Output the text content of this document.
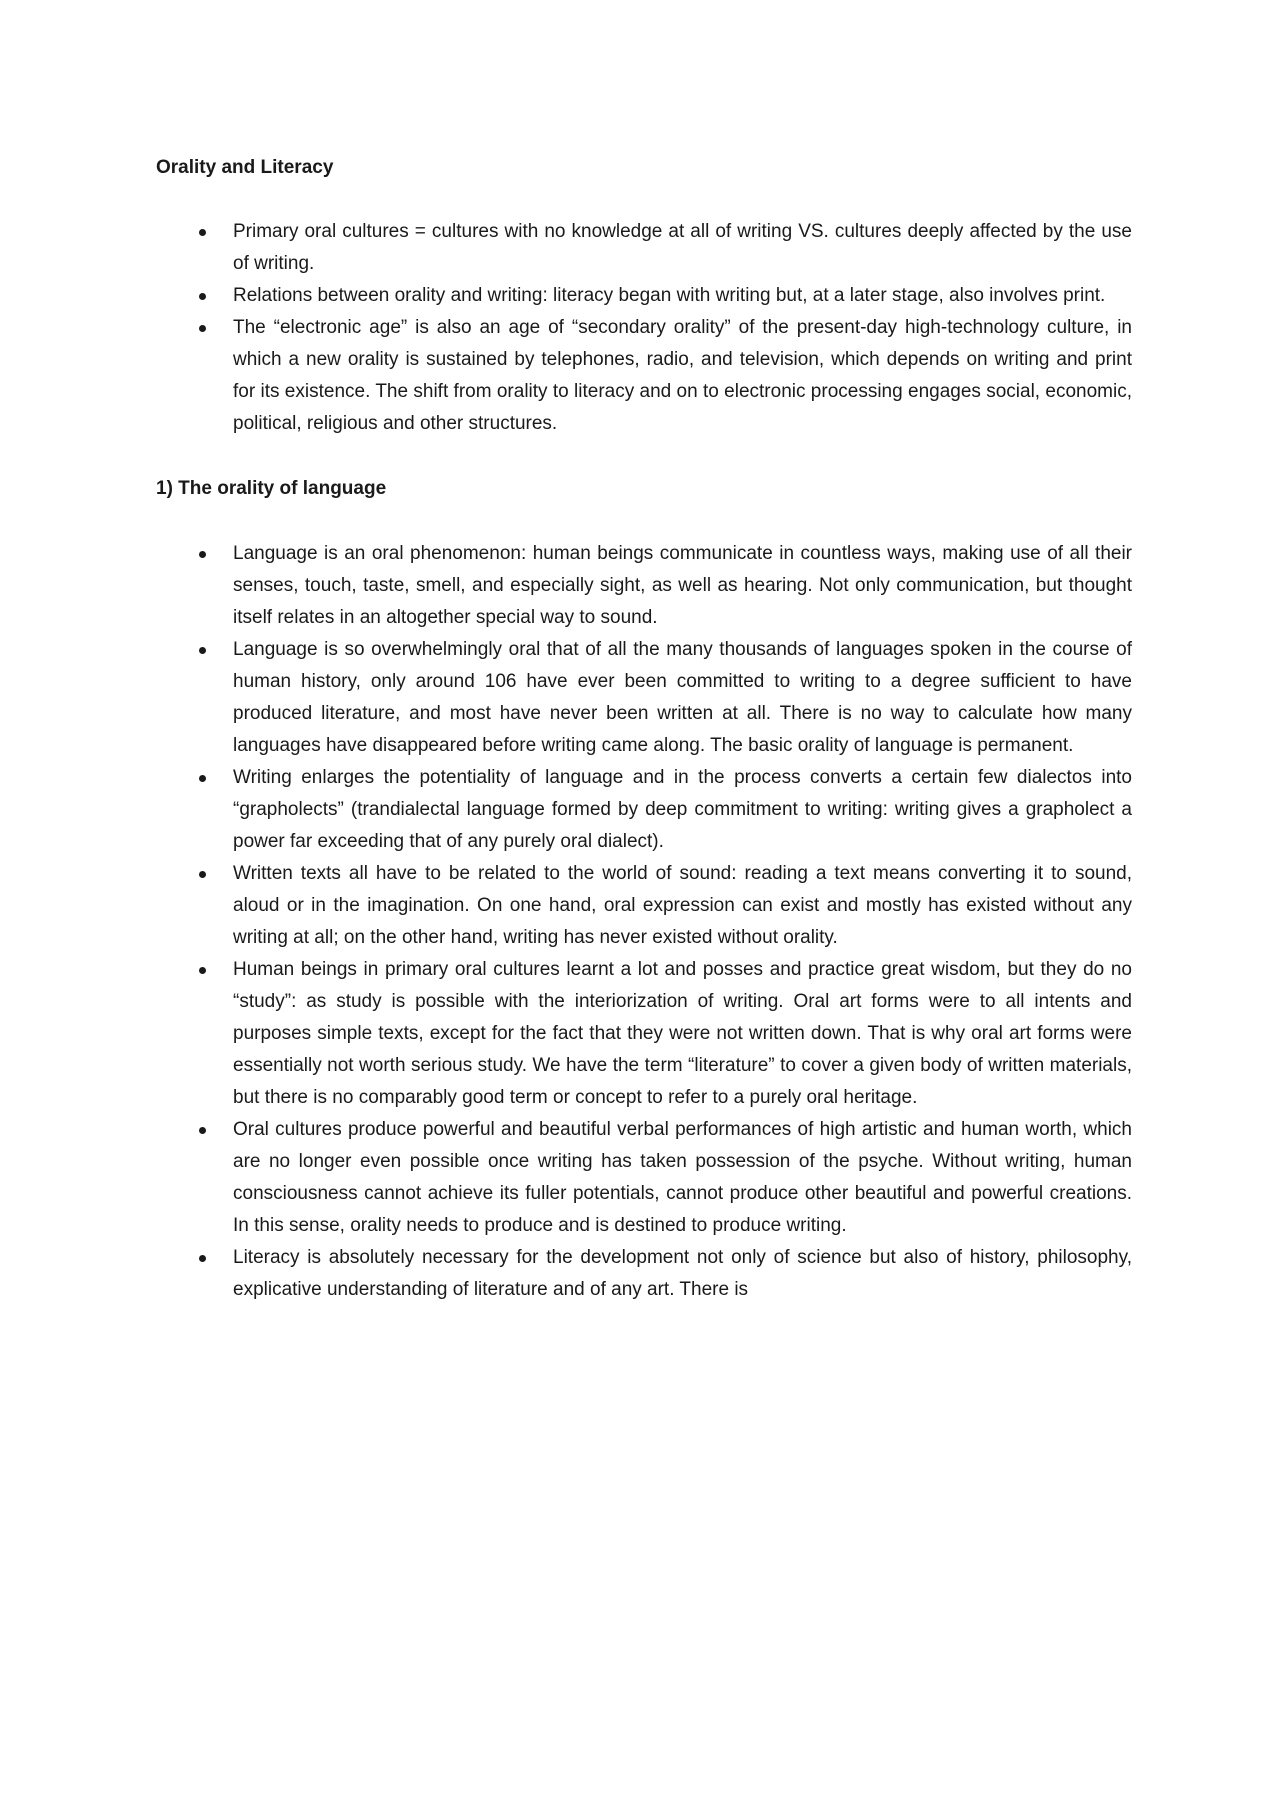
Orality and Literacy

Primary oral cultures = cultures with no knowledge at all of writing VS. cultures deeply affected by the use of writing.
Relations between orality and writing: literacy began with writing but, at a later stage, also involves print.
The “electronic age” is also an age of “secondary orality” of the present-day high-technology culture, in which a new orality is sustained by telephones, radio, and television, which depends on writing and print for its existence. The shift from orality to literacy and on to electronic processing engages social, economic, political, religious and other structures.

1) The orality of language

Language is an oral phenomenon: human beings communicate in countless ways, making use of all their senses, touch, taste, smell, and especially sight, as well as hearing. Not only communication, but thought itself relates in an altogether special way to sound.
Language is so overwhelmingly oral that of all the many thousands of languages spoken in the course of human history, only around 106 have ever been committed to writing to a degree sufficient to have produced literature, and most have never been written at all. There is no way to calculate how many languages have disappeared before writing came along. The basic orality of language is permanent.
Writing enlarges the potentiality of language and in the process converts a certain few dialectos into “grapholects” (trandialectal language formed by deep commitment to writing: writing gives a grapholect a power far exceeding that of any purely oral dialect).
Written texts all have to be related to the world of sound: reading a text means converting it to sound, aloud or in the imagination. On one hand, oral expression can exist and mostly has existed without any writing at all; on the other hand, writing has never existed without orality.
Human beings in primary oral cultures learnt a lot and posses and practice great wisdom, but they do no “study”: as study is possible with the interiorization of writing. Oral art forms were to all intents and purposes simple texts, except for the fact that they were not written down. That is why oral art forms were essentially not worth serious study. We have the term “literature” to cover a given body of written materials, but there is no comparably good term or concept to refer to a purely oral heritage.
Oral cultures produce powerful and beautiful verbal performances of high artistic and human worth, which are no longer even possible once writing has taken possession of the psyche. Without writing, human consciousness cannot achieve its fuller potentials, cannot produce other beautiful and powerful creations. In this sense, orality needs to produce and is destined to produce writing.
Literacy is absolutely necessary for the development not only of science but also of history, philosophy, explicative understanding of literature and of any art. There is
